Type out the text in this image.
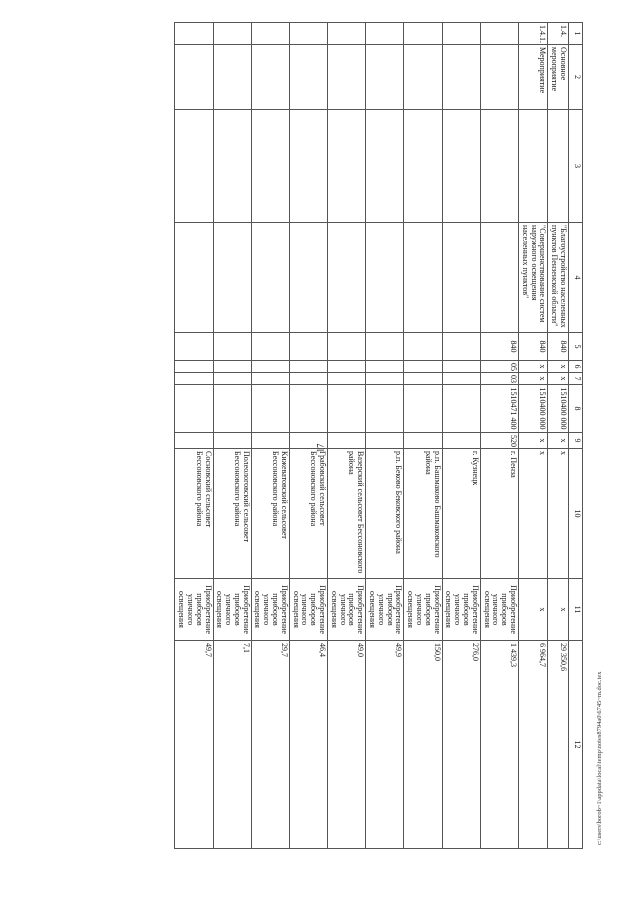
17
1	2	3	4	5	6	7	8	9	10	11	12
1.4.	Основное мероприятие		"Благоустройство населенных пунктов Пензенской области"	840	х	х	1510400 000	х	х	х	29 350,6
1.4.1.	Мероприятие		"Совершенствование систем наружного освещения населенных пунктов"	840	х	х	1510400 000	х	х	х	6 964,7
				840	05	03	1510471 400	520	г. Пенза	Приобретение приборов уличного освещения	1 439,3
									г. Кузнецк	Приобретение приборов уличного освещения	276,0
									р.п. Башмаково Башмаковского района	Приобретение приборов уличного освещения	150,0
									р.п. Беково Бековского района	Приобретение приборов уличного освещения	49,9
									Вазерский сельсовет Бессоновского района	Приобретение приборов уличного освещения	49,0
									Грабовский сельсовет Бессоновского района	Приобретение приборов уличного освещения	46,4
									Кижеватовский сельсовет Бессоновского района	Приобретение приборов уличного освещения	29,7
									Полеологовский сельсовет Бессоновского района	Приобретение приборов уличного освещения	7,1
									Сосновский сельсовет Бессоновского района	Приобретение приборов уличного освещения	49,7
c:\users\borob~1\appdata\local\temp\notes8794a0\6745~m.doc.tex
